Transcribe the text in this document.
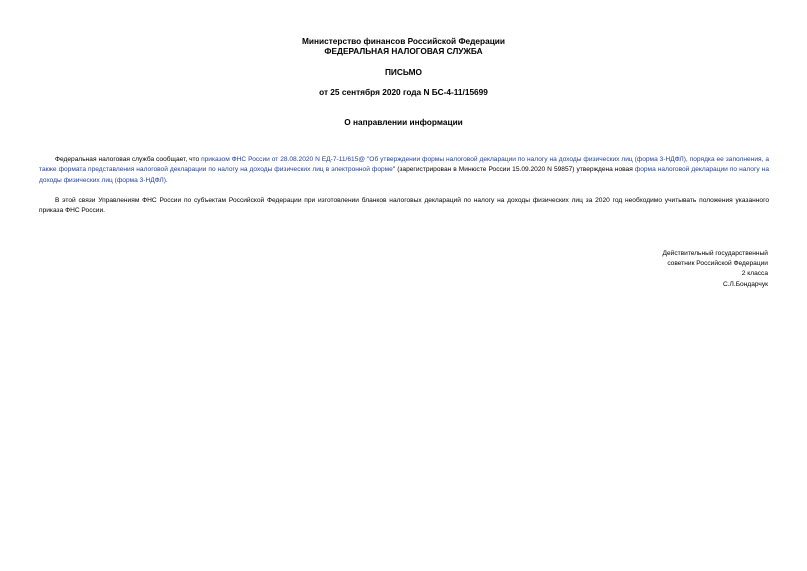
Министерство финансов Российской Федерации
ФЕДЕРАЛЬНАЯ НАЛОГОВАЯ СЛУЖБА
ПИСЬМО
от 25 сентября 2020 года N БС-4-11/15699
О направлении информации

Федеральная налоговая служба сообщает, что приказом ФНС России от 28.08.2020 N ЕД-7-11/615@ "Об утверждении формы налоговой декларации по налогу на доходы физических лиц (форма 3-НДФЛ), порядка ее заполнения, а также формата представления налоговой декларации по налогу на доходы физических лиц в электронной форме" (зарегистрирован в Минюсте России 15.09.2020 N 59857) утверждена новая форма налоговой декларации по налогу на доходы физических лиц (форма 3-НДФЛ).

В этой связи Управлениям ФНС России по субъектам Российской Федерации при изготовлении бланков налоговых деклараций по налогу на доходы физических лиц за 2020 год необходимо учитывать положения указанного приказа ФНС России.

Действительный государственный
советник Российской Федерации
2 класса
С.Л.Бондарчук
